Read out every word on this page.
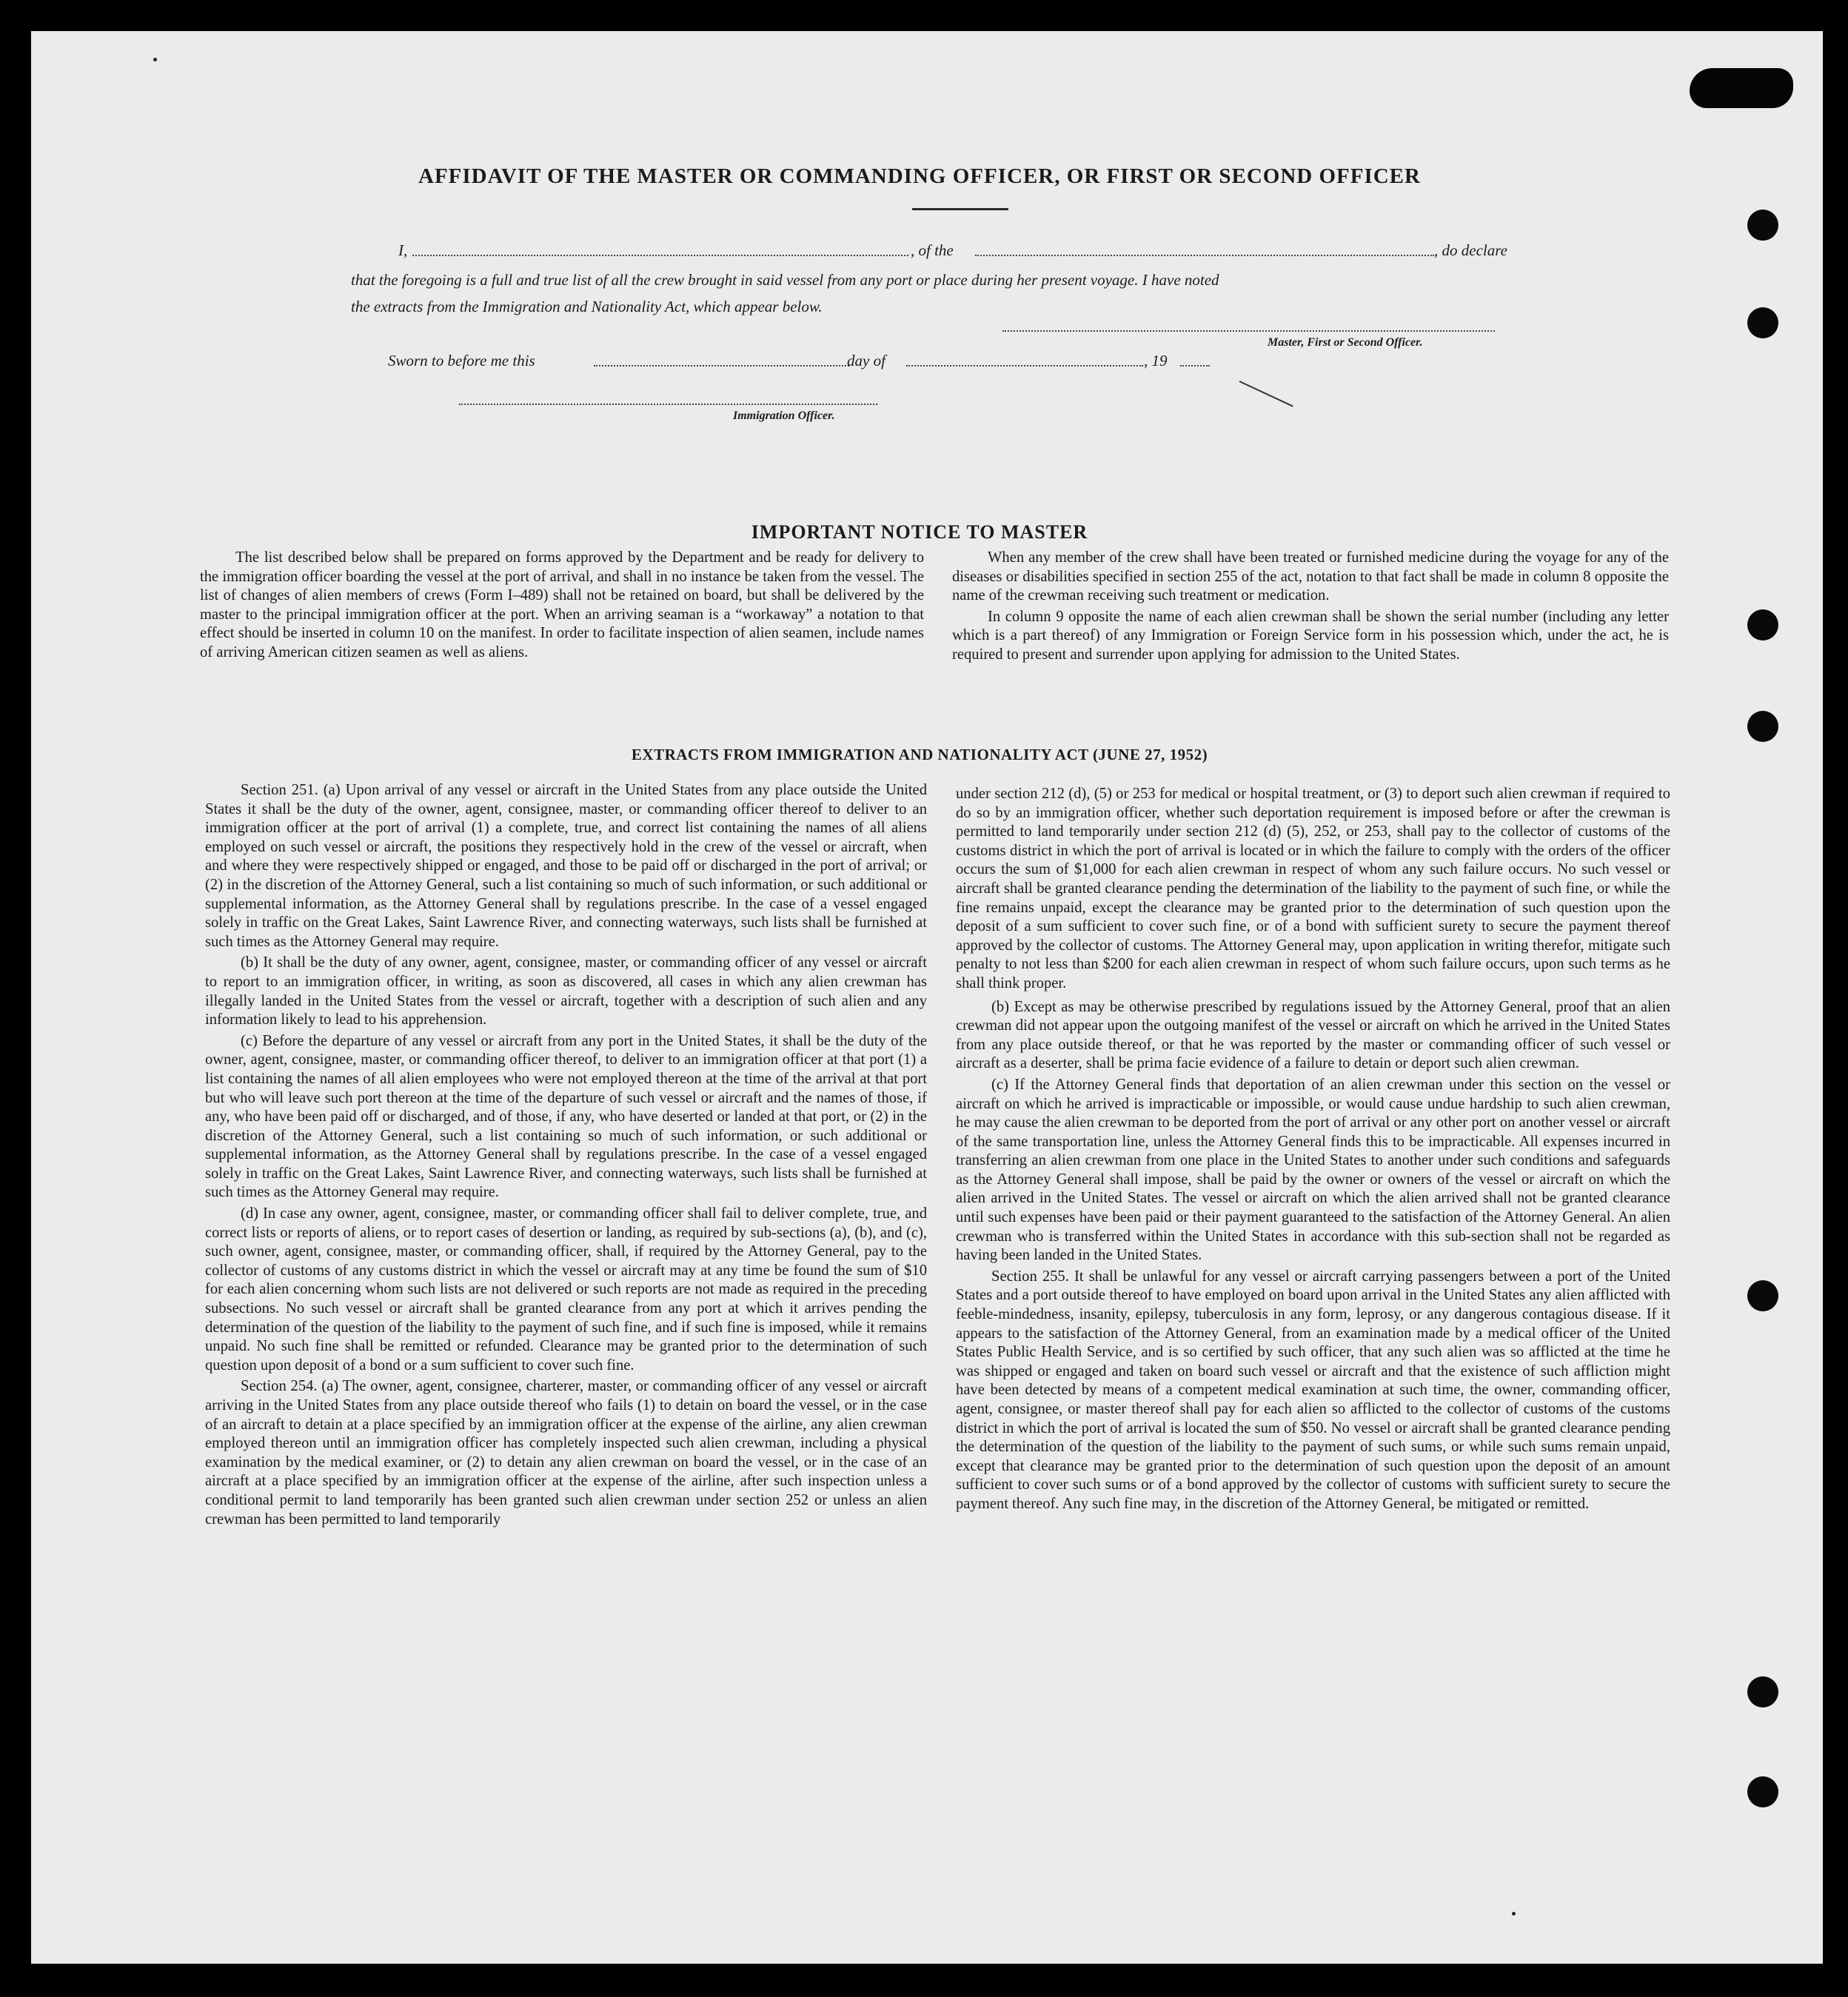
AFFIDAVIT OF THE MASTER OR COMMANDING OFFICER, OR FIRST OR SECOND OFFICER
I,	, of the	, do declare
that the foregoing is a full and true list of all the crew brought in said vessel from any port or place during her present voyage. I have noted
the extracts from the Immigration and Nationality Act, which appear below.
Master, First or Second Officer.
Sworn to before me this	day of	, 19
Immigration Officer.
IMPORTANT NOTICE TO MASTER

The list described below shall be prepared on forms approved by the Department and be ready for delivery to the immigration officer boarding the vessel at the port of arrival, and shall in no instance be taken from the vessel. The list of changes of alien members of crews (Form I–489) shall not be retained on board, but shall be delivered by the master to the principal immigration officer at the port. When an arriving seaman is a “workaway” a notation to that effect should be inserted in column 10 on the manifest. In order to facilitate inspection of alien seamen, include names of arriving American citizen seamen as well as aliens.

When any member of the crew shall have been treated or furnished medicine during the voyage for any of the diseases or disabilities specified in section 255 of the act, notation to that fact shall be made in column 8 opposite the name of the crewman receiving such treatment or medication.

In column 9 opposite the name of each alien crewman shall be shown the serial number (including any letter which is a part thereof) of any Immigration or Foreign Service form in his possession which, under the act, he is required to present and surrender upon applying for admission to the United States.

EXTRACTS FROM IMMIGRATION AND NATIONALITY ACT (JUNE 27, 1952)

Section 251. (a) Upon arrival of any vessel or aircraft in the United States from any place outside the United States it shall be the duty of the owner, agent, consignee, master, or commanding officer thereof to deliver to an immigration officer at the port of arrival (1) a complete, true, and correct list containing the names of all aliens employed on such vessel or aircraft, the positions they respectively hold in the crew of the vessel or aircraft, when and where they were respectively shipped or engaged, and those to be paid off or discharged in the port of arrival; or (2) in the discretion of the Attorney General, such a list containing so much of such information, or such additional or supplemental information, as the Attorney General shall by regulations prescribe. In the case of a vessel engaged solely in traffic on the Great Lakes, Saint Lawrence River, and connecting waterways, such lists shall be furnished at such times as the Attorney General may require.

(b) It shall be the duty of any owner, agent, consignee, master, or commanding officer of any vessel or aircraft to report to an immigration officer, in writing, as soon as discovered, all cases in which any alien crewman has illegally landed in the United States from the vessel or aircraft, together with a description of such alien and any information likely to lead to his apprehension.

(c) Before the departure of any vessel or aircraft from any port in the United States, it shall be the duty of the owner, agent, consignee, master, or commanding officer thereof, to deliver to an immigration officer at that port (1) a list containing the names of all alien employees who were not employed thereon at the time of the arrival at that port but who will leave such port thereon at the time of the departure of such vessel or aircraft and the names of those, if any, who have been paid off or discharged, and of those, if any, who have deserted or landed at that port, or (2) in the discretion of the Attorney General, such a list containing so much of such information, or such additional or supplemental information, as the Attorney General shall by regulations prescribe. In the case of a vessel engaged solely in traffic on the Great Lakes, Saint Lawrence River, and connecting waterways, such lists shall be furnished at such times as the Attorney General may require.

(d) In case any owner, agent, consignee, master, or commanding officer shall fail to deliver complete, true, and correct lists or reports of aliens, or to report cases of desertion or landing, as required by sub-sections (a), (b), and (c), such owner, agent, consignee, master, or commanding officer, shall, if required by the Attorney General, pay to the collector of customs of any customs district in which the vessel or aircraft may at any time be found the sum of $10 for each alien concerning whom such lists are not delivered or such reports are not made as required in the preceding subsections. No such vessel or aircraft shall be granted clearance from any port at which it arrives pending the determination of the question of the liability to the payment of such fine, and if such fine is imposed, while it remains unpaid. No such fine shall be remitted or refunded. Clearance may be granted prior to the determination of such question upon deposit of a bond or a sum sufficient to cover such fine.

Section 254. (a) The owner, agent, consignee, charterer, master, or commanding officer of any vessel or aircraft arriving in the United States from any place outside thereof who fails (1) to detain on board the vessel, or in the case of an aircraft to detain at a place specified by an immigration officer at the expense of the airline, any alien crewman employed thereon until an immigration officer has completely inspected such alien crewman, including a physical examination by the medical examiner, or (2) to detain any alien crewman on board the vessel, or in the case of an aircraft at a place specified by an immigration officer at the expense of the airline, after such inspection unless a conditional permit to land temporarily has been granted such alien crewman under section 252 or unless an alien crewman has been permitted to land temporarily

under section 212 (d), (5) or 253 for medical or hospital treatment, or (3) to deport such alien crewman if required to do so by an immigration officer, whether such deportation requirement is imposed before or after the crewman is permitted to land temporarily under section 212 (d) (5), 252, or 253, shall pay to the collector of customs of the customs district in which the port of arrival is located or in which the failure to comply with the orders of the officer occurs the sum of $1,000 for each alien crewman in respect of whom any such failure occurs. No such vessel or aircraft shall be granted clearance pending the determination of the liability to the payment of such fine, or while the fine remains unpaid, except the clearance may be granted prior to the determination of such question upon the deposit of a sum sufficient to cover such fine, or of a bond with sufficient surety to secure the payment thereof approved by the collector of customs. The Attorney General may, upon application in writing therefor, mitigate such penalty to not less than $200 for each alien crewman in respect of whom such failure occurs, upon such terms as he shall think proper.

(b) Except as may be otherwise prescribed by regulations issued by the Attorney General, proof that an alien crewman did not appear upon the outgoing manifest of the vessel or aircraft on which he arrived in the United States from any place outside thereof, or that he was reported by the master or commanding officer of such vessel or aircraft as a deserter, shall be prima facie evidence of a failure to detain or deport such alien crewman.

(c) If the Attorney General finds that deportation of an alien crewman under this section on the vessel or aircraft on which he arrived is impracticable or impossible, or would cause undue hardship to such alien crewman, he may cause the alien crewman to be deported from the port of arrival or any other port on another vessel or aircraft of the same transportation line, unless the Attorney General finds this to be impracticable. All expenses incurred in transferring an alien crewman from one place in the United States to another under such conditions and safeguards as the Attorney General shall impose, shall be paid by the owner or owners of the vessel or aircraft on which the alien arrived in the United States. The vessel or aircraft on which the alien arrived shall not be granted clearance until such expenses have been paid or their payment guaranteed to the satisfaction of the Attorney General. An alien crewman who is transferred within the United States in accordance with this sub-section shall not be regarded as having been landed in the United States.

Section 255. It shall be unlawful for any vessel or aircraft carrying passengers between a port of the United States and a port outside thereof to have employed on board upon arrival in the United States any alien afflicted with feeble-mindedness, insanity, epilepsy, tuberculosis in any form, leprosy, or any dangerous contagious disease. If it appears to the satisfaction of the Attorney General, from an examination made by a medical officer of the United States Public Health Service, and is so certified by such officer, that any such alien was so afflicted at the time he was shipped or engaged and taken on board such vessel or aircraft and that the existence of such affliction might have been detected by means of a competent medical examination at such time, the owner, commanding officer, agent, consignee, or master thereof shall pay for each alien so afflicted to the collector of customs of the customs district in which the port of arrival is located the sum of $50. No vessel or aircraft shall be granted clearance pending the determination of the question of the liability to the payment of such sums, or while such sums remain unpaid, except that clearance may be granted prior to the determination of such question upon the deposit of an amount sufficient to cover such sums or of a bond approved by the collector of customs with sufficient surety to secure the payment thereof. Any such fine may, in the discretion of the Attorney General, be mitigated or remitted.
